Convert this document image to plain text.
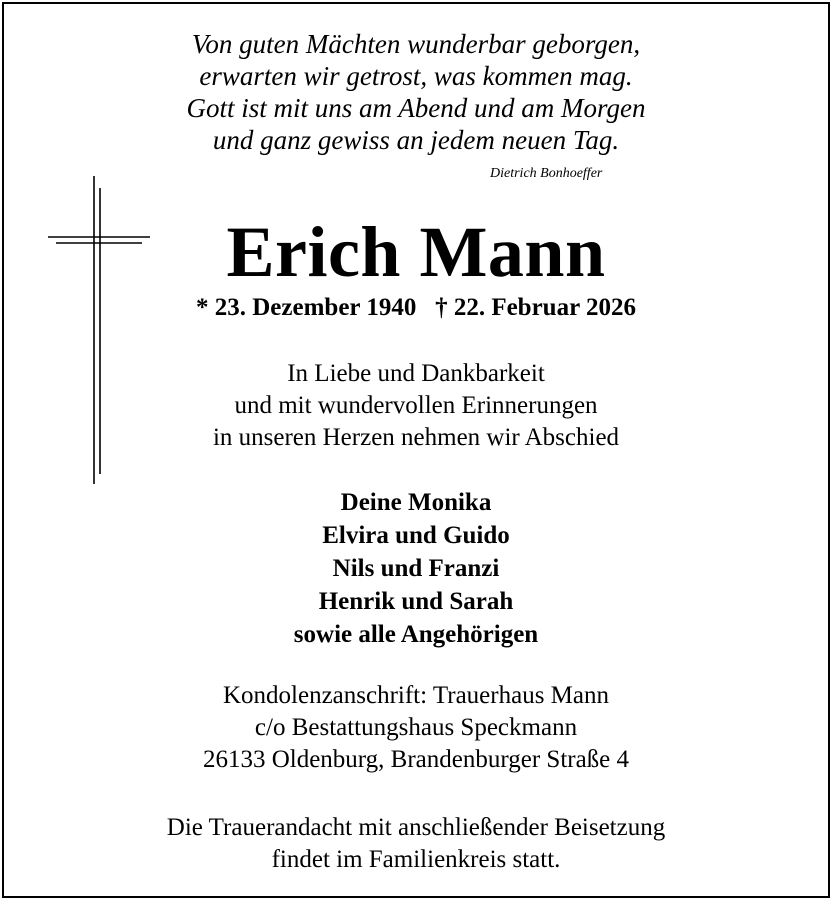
Von guten Mächten wunderbar geborgen,
erwarten wir getrost, was kommen mag.
Gott ist mit uns am Abend und am Morgen
und ganz gewiss an jedem neuen Tag.
Dietrich Bonhoeffer
Erich Mann
* 23. Dezember 1940   † 22. Februar 2026
In Liebe und Dankbarkeit
und mit wundervollen Erinnerungen
in unseren Herzen nehmen wir Abschied
Deine Monika
Elvira und Guido
Nils und Franzi
Henrik und Sarah
sowie alle Angehörigen
Kondolenzanschrift: Trauerhaus Mann
c/o Bestattungshaus Speckmann
26133 Oldenburg, Brandenburger Straße 4
Die Trauerandacht mit anschließender Beisetzung
findet im Familienkreis statt.
